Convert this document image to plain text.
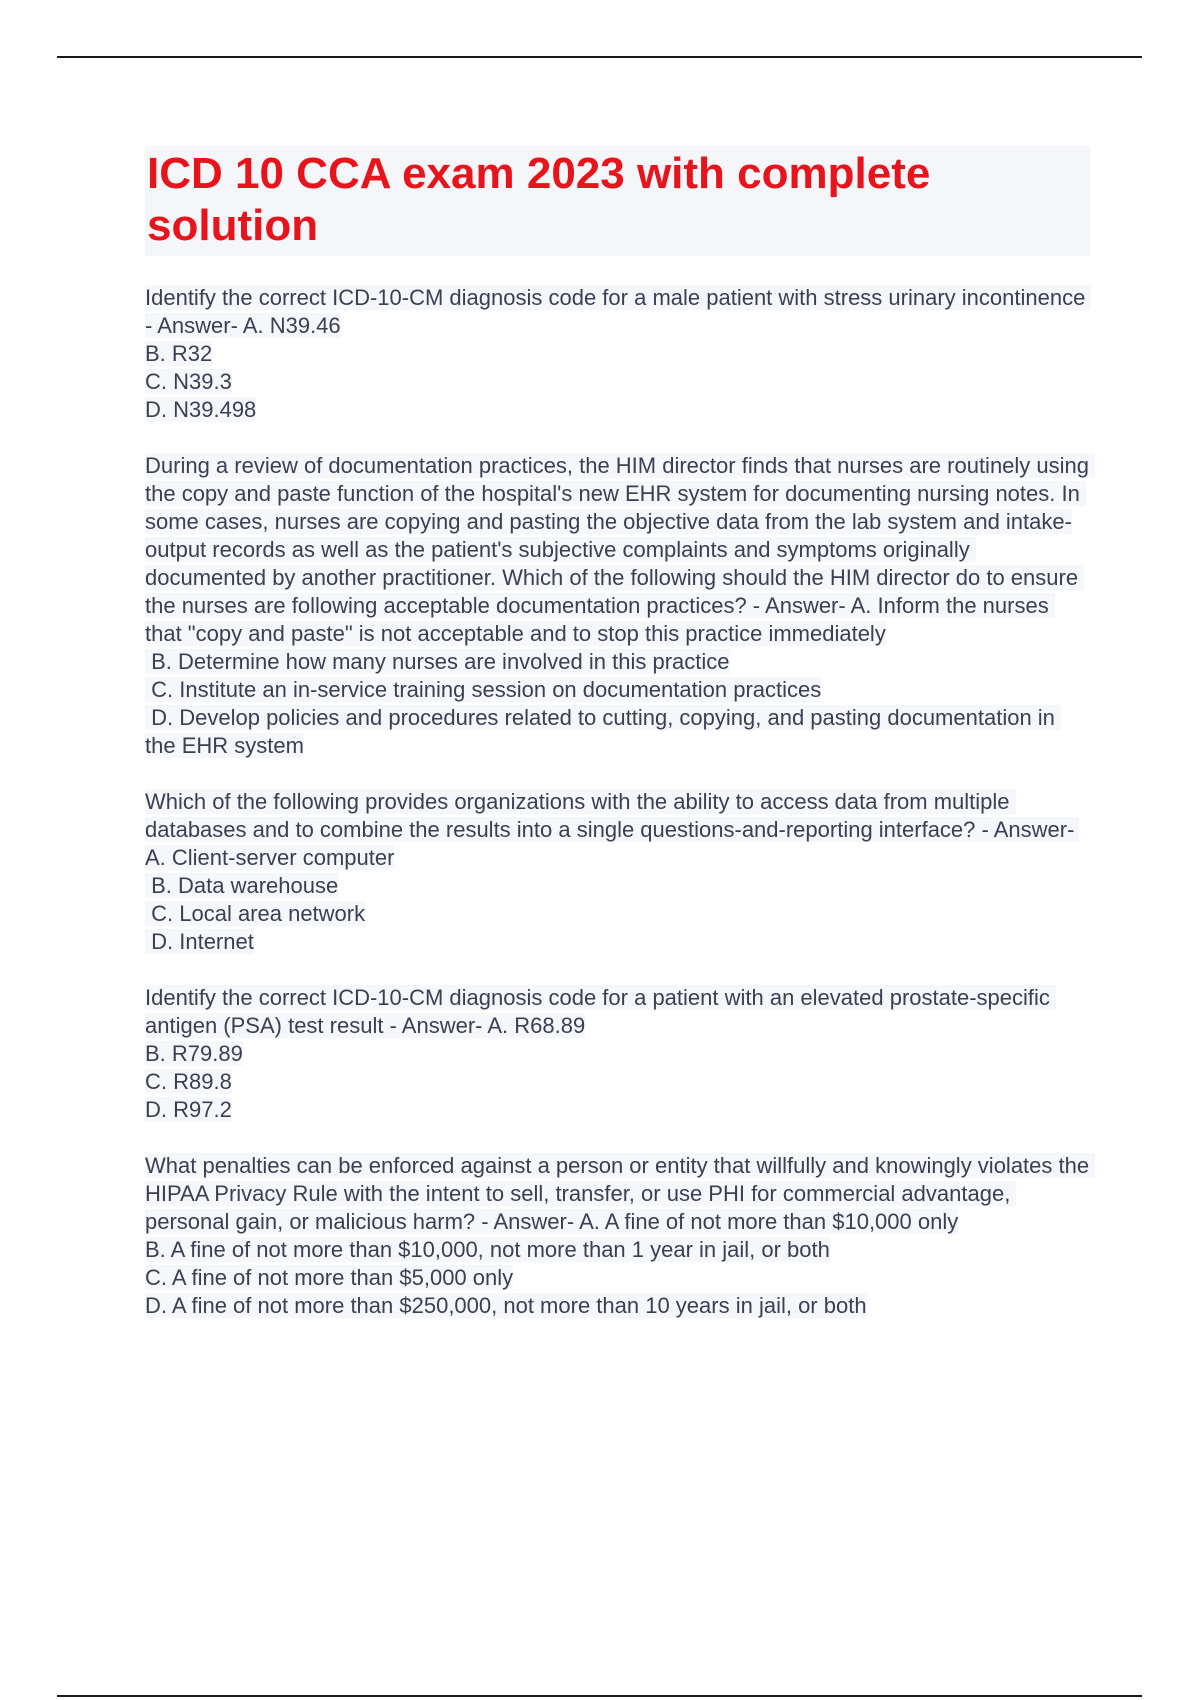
ICD 10 CCA exam 2023 with complete solution
Identify the correct ICD-10-CM diagnosis code for a male patient with stress urinary incontinence - Answer- A. N39.46
B. R32
C. N39.3
D. N39.498
During a review of documentation practices, the HIM director finds that nurses are routinely using the copy and paste function of the hospital's new EHR system for documenting nursing notes. In some cases, nurses are copying and pasting the objective data from the lab system and intake-output records as well as the patient's subjective complaints and symptoms originally documented by another practitioner. Which of the following should the HIM director do to ensure the nurses are following acceptable documentation practices? - Answer- A. Inform the nurses that "copy and paste" is not acceptable and to stop this practice immediately
B. Determine how many nurses are involved in this practice
C. Institute an in-service training session on documentation practices
D. Develop policies and procedures related to cutting, copying, and pasting documentation in the EHR system
Which of the following provides organizations with the ability to access data from multiple databases and to combine the results into a single questions-and-reporting interface? - Answer- A. Client-server computer
B. Data warehouse
C. Local area network
D. Internet
Identify the correct ICD-10-CM diagnosis code for a patient with an elevated prostate-specific antigen (PSA) test result - Answer- A. R68.89
B. R79.89
C. R89.8
D. R97.2
What penalties can be enforced against a person or entity that willfully and knowingly violates the HIPAA Privacy Rule with the intent to sell, transfer, or use PHI for commercial advantage, personal gain, or malicious harm? - Answer- A. A fine of not more than $10,000 only
B. A fine of not more than $10,000, not more than 1 year in jail, or both
C. A fine of not more than $5,000 only
D. A fine of not more than $250,000, not more than 10 years in jail, or both
